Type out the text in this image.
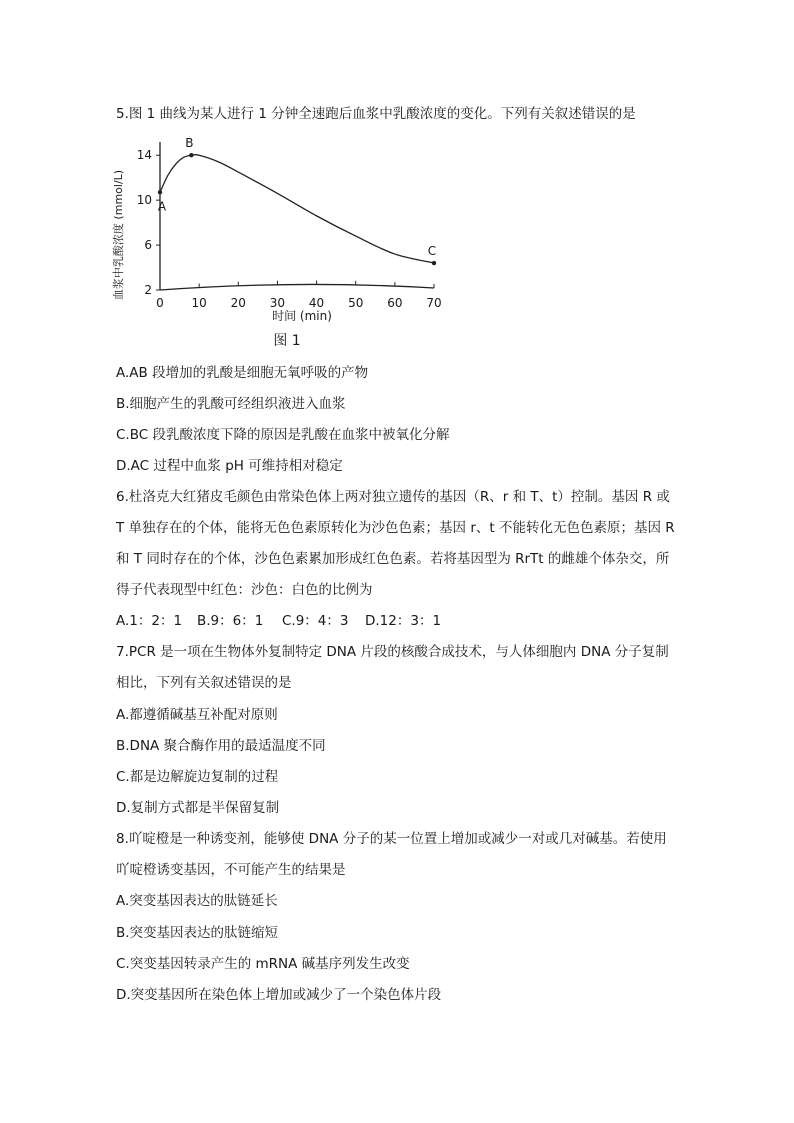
5.图 1 曲线为某人进行 1 分钟全速跑后血浆中乳酸浓度的变化。下列有关叙述错误的是
2
6
10
14
0 10 20 30 40 50 60 70
A
B
C
血浆中乳酸浓度 (mmol/L)
时间 (min)
图 1
A.AB 段增加的乳酸是细胞无氧呼吸的产物
B.细胞产生的乳酸可经组织液进入血浆
C.BC 段乳酸浓度下降的原因是乳酸在血浆中被氧化分解
D.AC 过程中血浆 pH 可维持相对稳定
6.杜洛克大红猪皮毛颜色由常染色体上两对独立遗传的基因（R、r 和 T、t）控制。基因 R 或
T 单独存在的个体，能将无色色素原转化为沙色色素；基因 r、t 不能转化无色色素原；基因 R
和 T 同时存在的个体，沙色色素累加形成红色色素。若将基因型为 RrTt 的雌雄个体杂交，所
得子代表现型中红色：沙色：白色的比例为
A.1：2：1 B.9：6：1 C.9：4：3 D.12：3：1
7.PCR 是一项在生物体外复制特定 DNA 片段的核酸合成技术，与人体细胞内 DNA 分子复制
相比，下列有关叙述错误的是
A.都遵循碱基互补配对原则
B.DNA 聚合酶作用的最适温度不同
C.都是边解旋边复制的过程
D.复制方式都是半保留复制
8.吖啶橙是一种诱变剂，能够使 DNA 分子的某一位置上增加或减少一对或几对碱基。若使用
吖啶橙诱变基因，不可能产生的结果是
A.突变基因表达的肽链延长
B.突变基因表达的肽链缩短
C.突变基因转录产生的 mRNA 碱基序列发生改变
D.突变基因所在染色体上增加或减少了一个染色体片段
